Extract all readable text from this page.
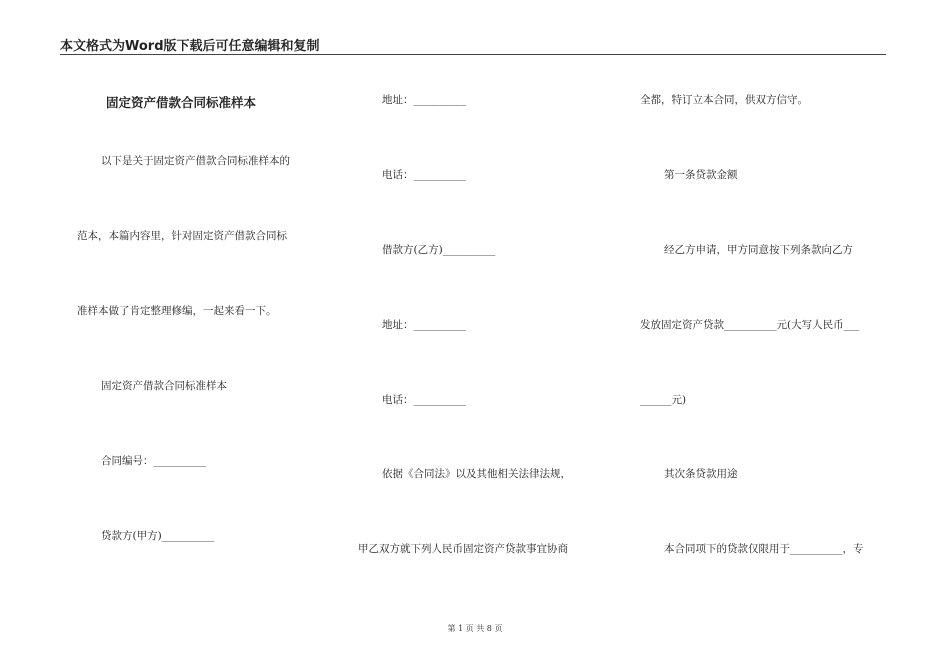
本文格式为Word版下载后可任意编辑和复制
固定资产借款合同标准样本
以下是关于固定资产借款合同标准样本的
范本，本篇内容里，针对固定资产借款合同标
准样本做了肯定整理修编，一起来看一下。
固定资产借款合同标准样本
合同编号：__________
贷款方(甲方)__________
地址：__________
电话：__________
借款方(乙方)__________
地址：__________
电话：__________
依据《合同法》以及其他相关法律法规，
甲乙双方就下列人民币固定资产贷款事宜协商
全都，特订立本合同，供双方信守。
第一条贷款金额
经乙方申请，甲方同意按下列条款向乙方
发放固定资产贷款__________元(大写人民币___
______元)
其次条贷款用途
本合同项下的贷款仅限用于__________，专
第 1 页 共 8 页
